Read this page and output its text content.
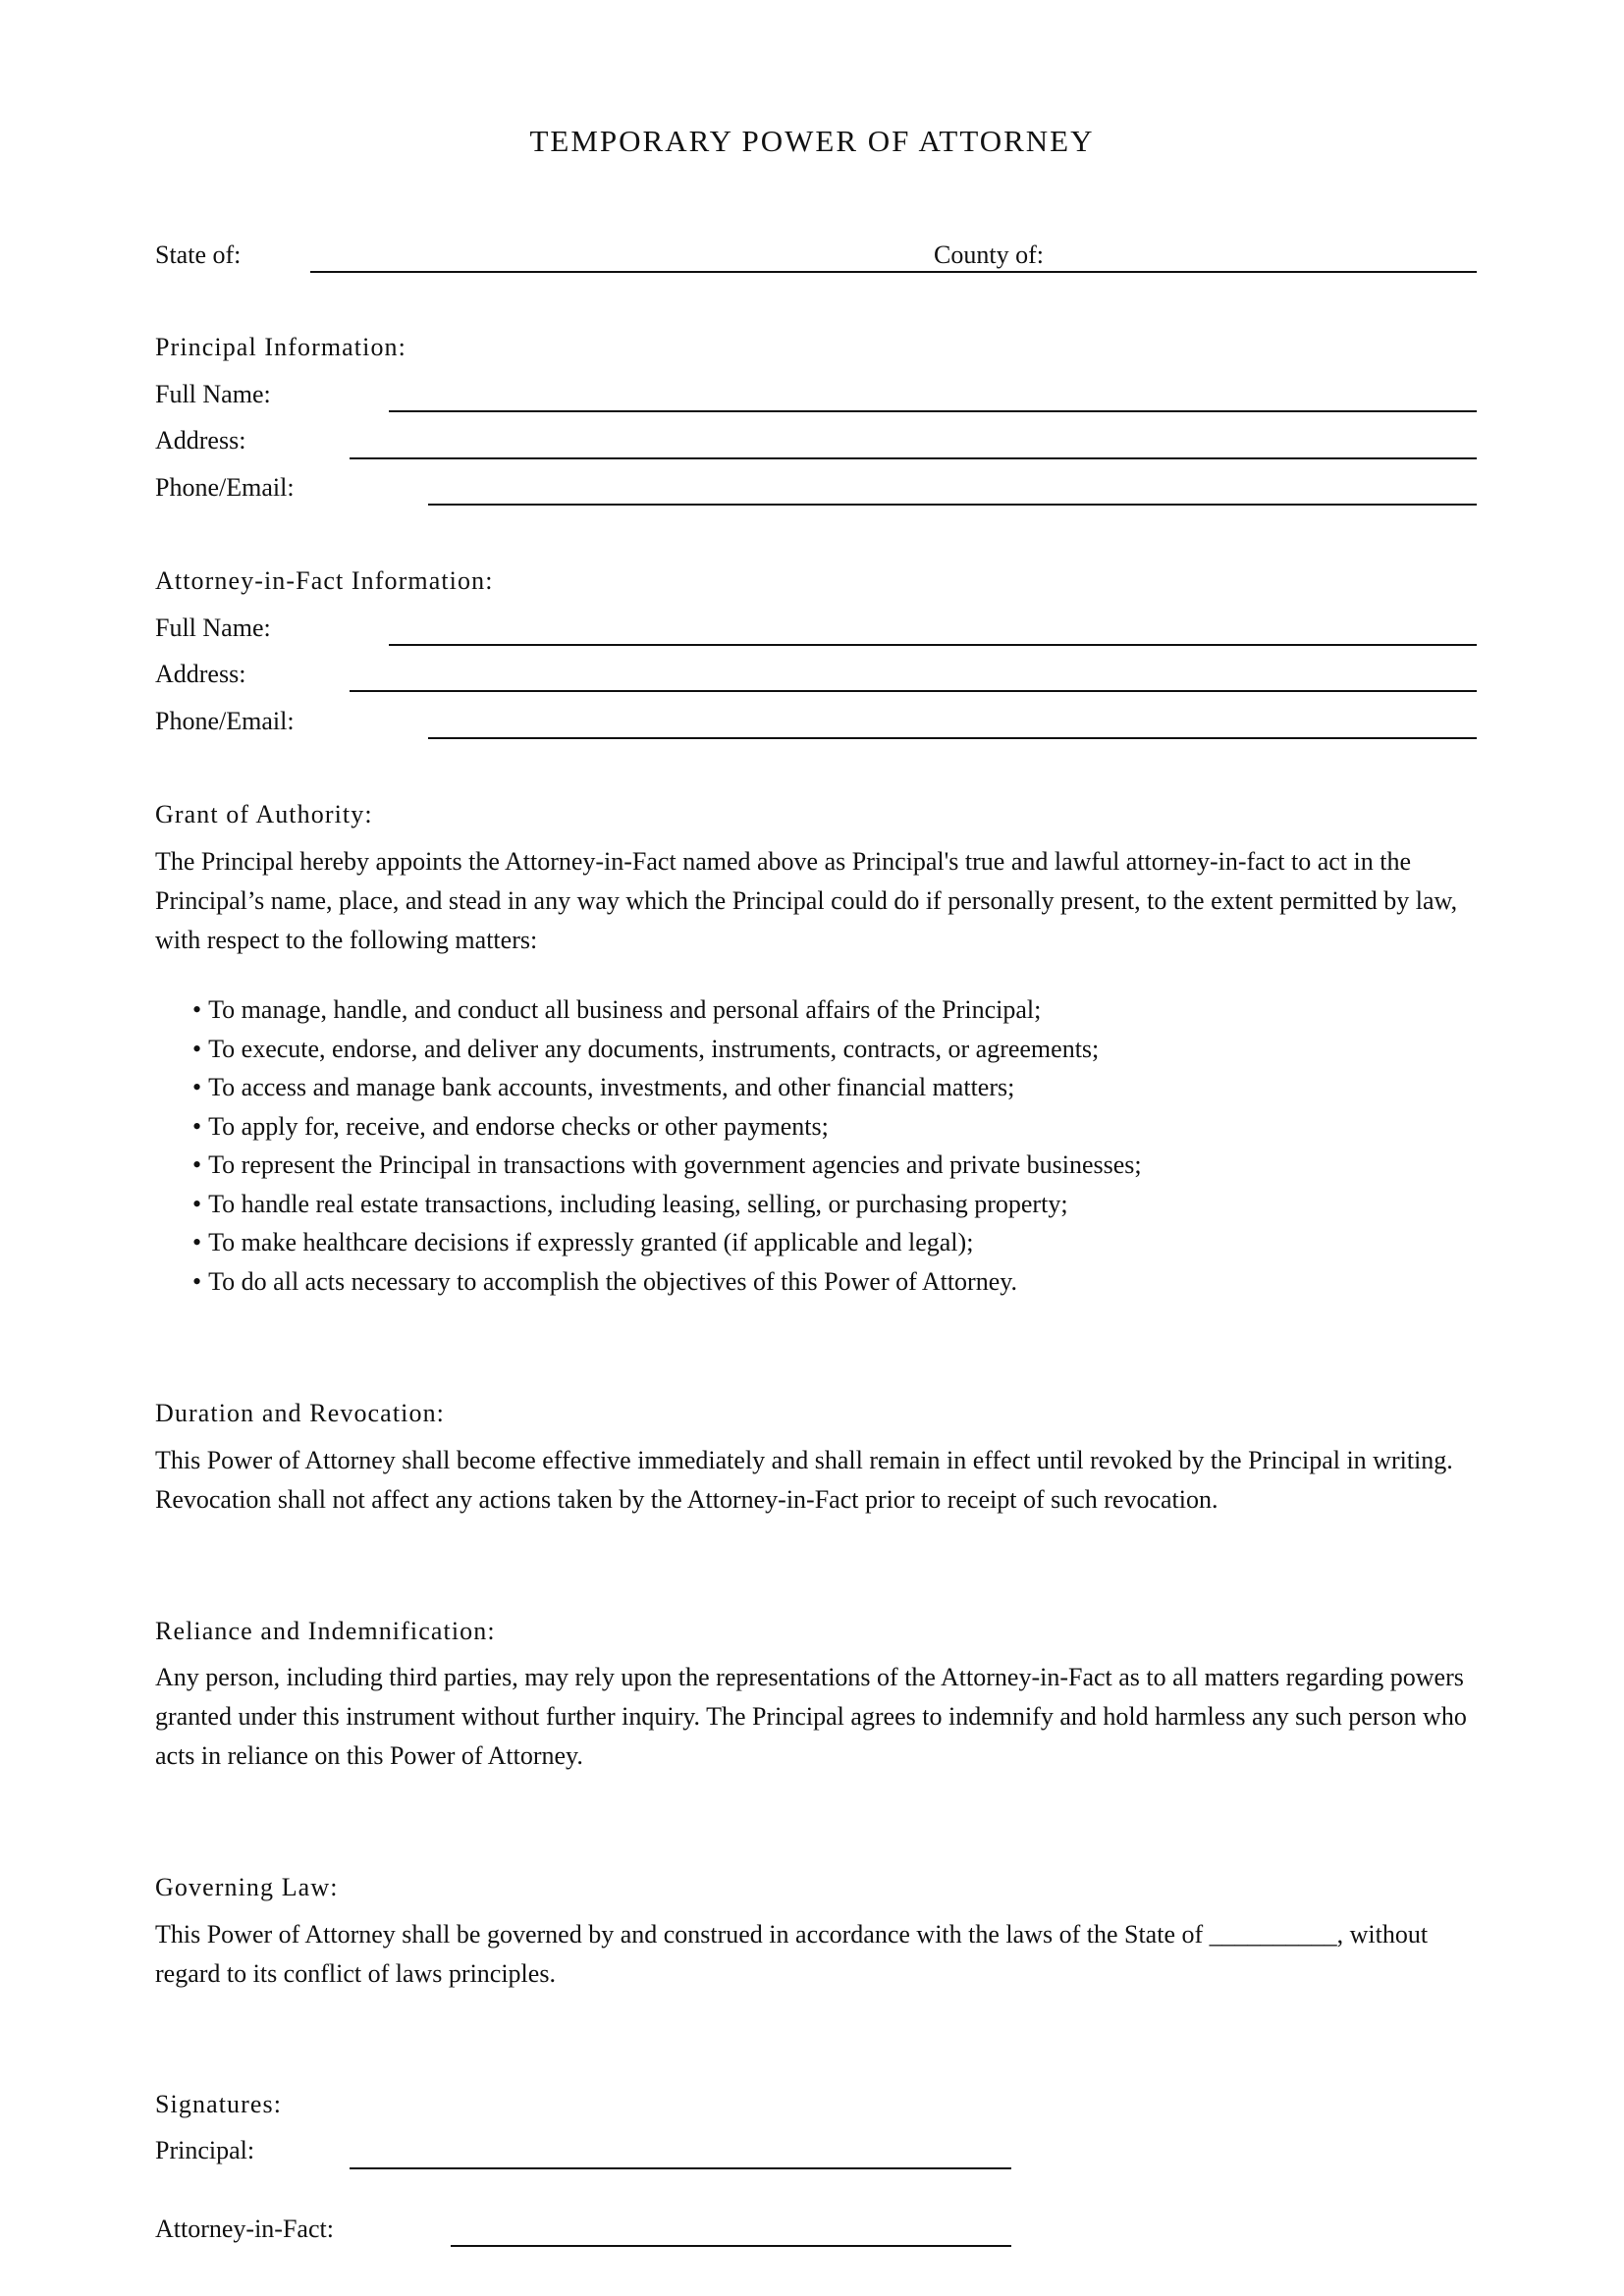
TEMPORARY POWER OF ATTORNEY
State of:	County of:
Principal Information:
Full Name:
Address:
Phone/Email:
Attorney-in-Fact Information:
Full Name:
Address:
Phone/Email:
Grant of Authority:
The Principal hereby appoints the Attorney-in-Fact named above as Principal's true and lawful attorney-in-fact to act in the Principal’s name, place, and stead in any way which the Principal could do if personally present, to the extent permitted by law, with respect to the following matters:
• To manage, handle, and conduct all business and personal affairs of the Principal;
• To execute, endorse, and deliver any documents, instruments, contracts, or agreements;
• To access and manage bank accounts, investments, and other financial matters;
• To apply for, receive, and endorse checks or other payments;
• To represent the Principal in transactions with government agencies and private businesses;
• To handle real estate transactions, including leasing, selling, or purchasing property;
• To make healthcare decisions if expressly granted (if applicable and legal);
• To do all acts necessary to accomplish the objectives of this Power of Attorney.
Duration and Revocation:
This Power of Attorney shall become effective immediately and shall remain in effect until revoked by the Principal in writing. Revocation shall not affect any actions taken by the Attorney-in-Fact prior to receipt of such revocation.
Reliance and Indemnification:
Any person, including third parties, may rely upon the representations of the Attorney-in-Fact as to all matters regarding powers granted under this instrument without further inquiry. The Principal agrees to indemnify and hold harmless any such person who acts in reliance on this Power of Attorney.
Governing Law:
This Power of Attorney shall be governed by and construed in accordance with the laws of the State of __________, without regard to its conflict of laws principles.
Signatures:
Principal:
Attorney-in-Fact:
